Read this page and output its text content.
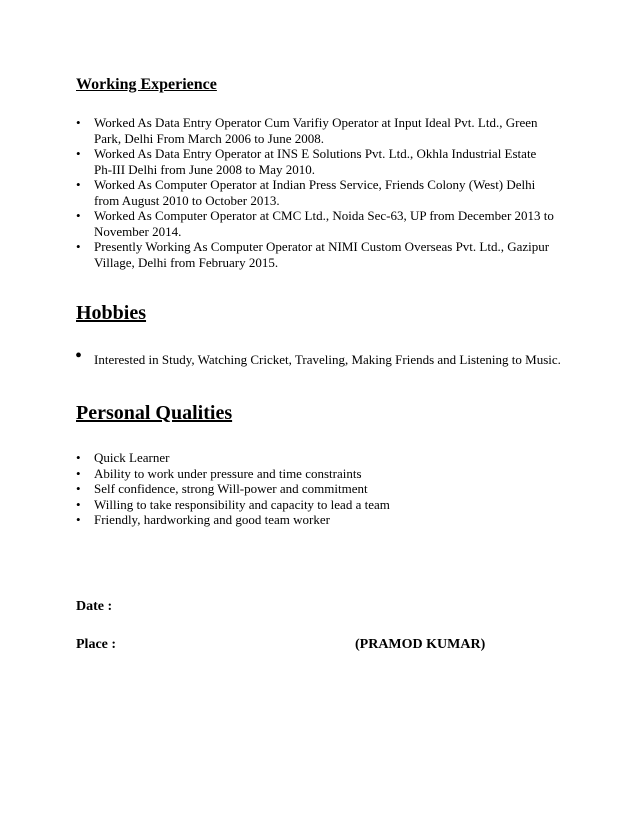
Working Experience
• Worked As Data Entry Operator Cum Varifiy Operator at Input Ideal Pvt. Ltd., Green Park, Delhi From March 2006 to June 2008.
• Worked As Data Entry Operator at INS E Solutions Pvt. Ltd., Okhla Industrial Estate Ph-III Delhi from June 2008 to May 2010.
• Worked As Computer Operator at Indian Press Service, Friends Colony (West) Delhi from August 2010 to October 2013.
• Worked As Computer Operator at CMC Ltd., Noida Sec-63, UP from December 2013 to November 2014.
• Presently Working As Computer Operator at NIMI Custom Overseas Pvt. Ltd., Gazipur Village, Delhi from February 2015.
Hobbies
• Interested in Study, Watching Cricket, Traveling, Making Friends and Listening to Music.
Personal Qualities
• Quick Learner
• Ability to work under pressure and time constraints
• Self confidence, strong Will-power and commitment
• Willing to take responsibility and capacity to lead a team
• Friendly, hardworking and good team worker
Date :
Place :	(PRAMOD KUMAR)
